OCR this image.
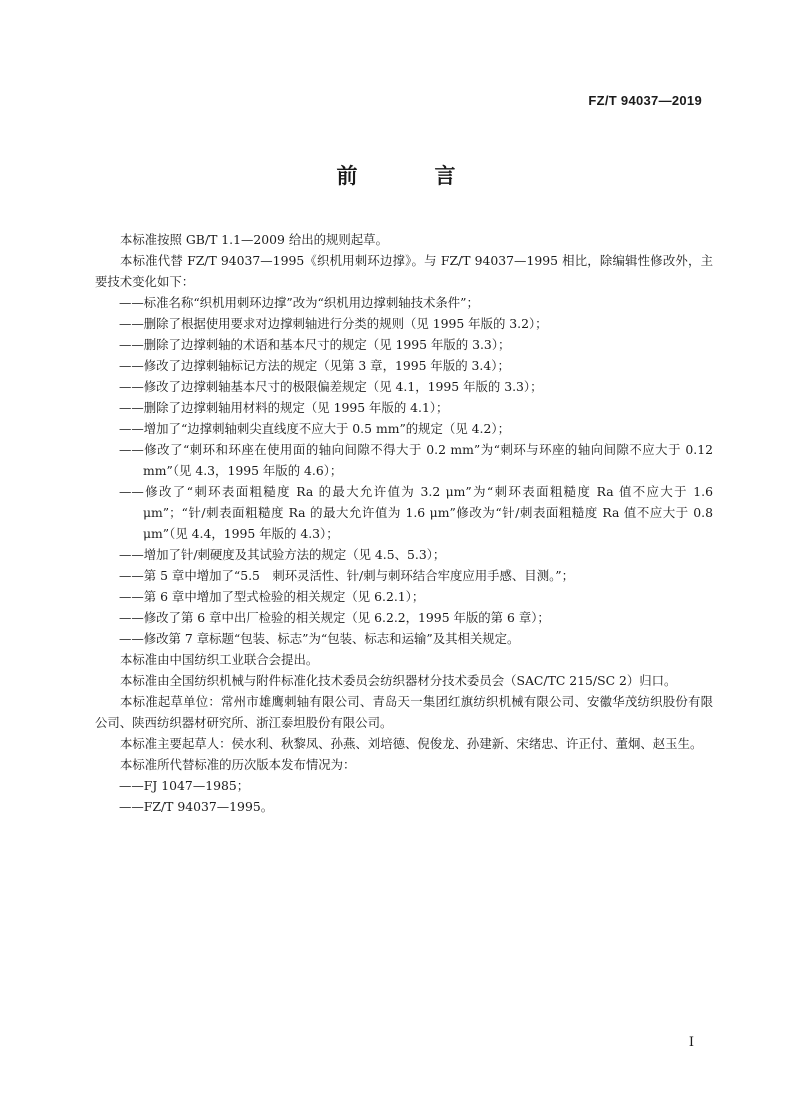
FZ/T 94037—2019
前　言

本标准按照 GB/T 1.1—2009 给出的规则起草。

本标准代替 FZ/T 94037—1995《织机用刺环边撑》。与 FZ/T 94037—1995 相比，除编辑性修改外，主要技术变化如下：

——标准名称“织机用刺环边撑”改为“织机用边撑刺轴技术条件”；

——删除了根据使用要求对边撑刺轴进行分类的规则（见 1995 年版的 3.2）；

——删除了边撑刺轴的术语和基本尺寸的规定（见 1995 年版的 3.3）；

——修改了边撑刺轴标记方法的规定（见第 3 章，1995 年版的 3.4）；

——修改了边撑刺轴基本尺寸的极限偏差规定（见 4.1，1995 年版的 3.3）；

——删除了边撑刺轴用材料的规定（见 1995 年版的 4.1）；

——增加了“边撑刺轴刺尖直线度不应大于 0.5 mm”的规定（见 4.2）；

——修改了“刺环和环座在使用面的轴向间隙不得大于 0.2 mm”为“刺环与环座的轴向间隙不应大于 0.12 mm”（见 4.3，1995 年版的 4.6）；

——修改了“刺环表面粗糙度 Ra 的最大允许值为 3.2 μm”为“刺环表面粗糙度 Ra 值不应大于 1.6 μm”；“针/刺表面粗糙度 Ra 的最大允许值为 1.6 μm”修改为“针/刺表面粗糙度 Ra 值不应大于 0.8 μm”（见 4.4，1995 年版的 4.3）；

——增加了针/刺硬度及其试验方法的规定（见 4.5、5.3）；

——第 5 章中增加了“5.5　刺环灵活性、针/刺与刺环结合牢度应用手感、目测。”；

——第 6 章中增加了型式检验的相关规定（见 6.2.1）；

——修改了第 6 章中出厂检验的相关规定（见 6.2.2，1995 年版的第 6 章）；

——修改第 7 章标题“包装、标志”为“包装、标志和运输”及其相关规定。

本标准由中国纺织工业联合会提出。

本标准由全国纺织机械与附件标准化技术委员会纺织器材分技术委员会（SAC/TC 215/SC 2）归口。

本标准起草单位：常州市雄鹰刺轴有限公司、青岛天一集团红旗纺织机械有限公司、安徽华茂纺织股份有限公司、陕西纺织器材研究所、浙江泰坦股份有限公司。

本标准主要起草人：侯水利、秋黎凤、孙燕、刘培德、倪俊龙、孙建新、宋绪忠、许正付、董炯、赵玉生。

本标准所代替标准的历次版本发布情况为：

——FJ 1047—1985；

——FZ/T 94037—1995。

I
